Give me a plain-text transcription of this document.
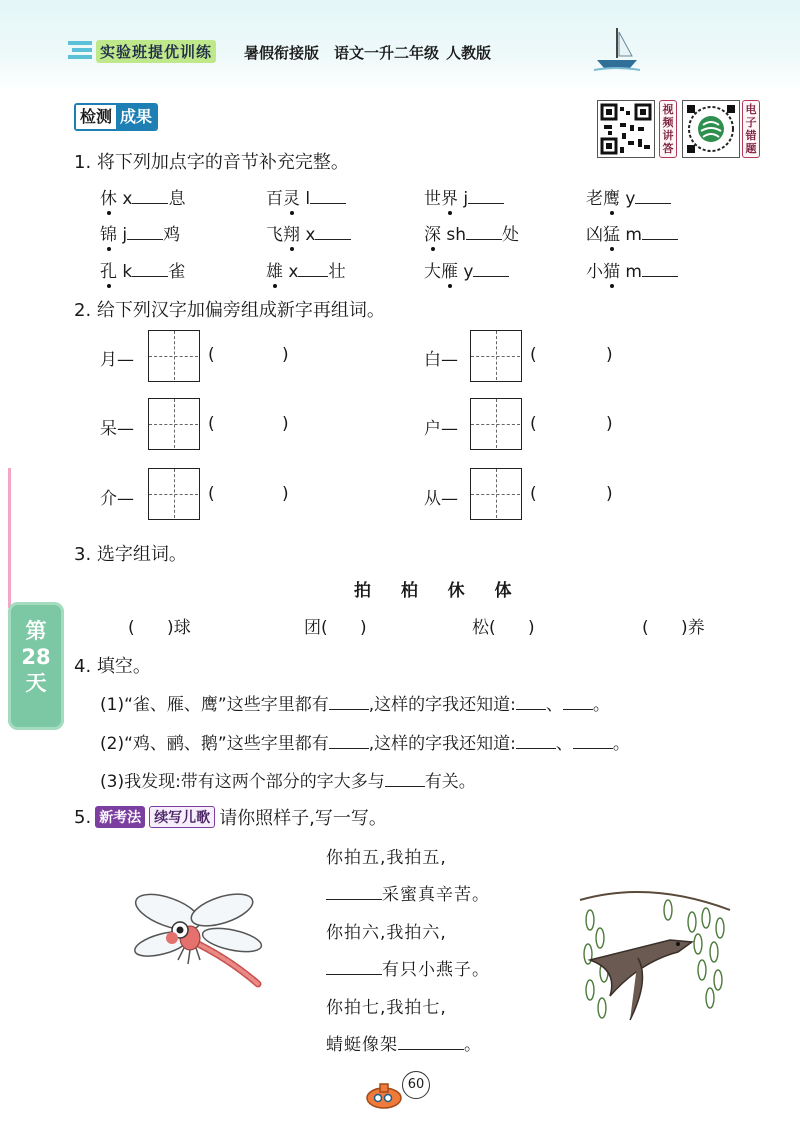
实验班提优训练 暑假衔接版 语文一升二年级 人教版
检测 成果	视
频
讲
答
电
子
错
题
1. 将下列加点字的音节补充完整。
休 x 息	百灵 l	世界 j	老鹰 y
锦 j 鸡	飞翔 x	深 sh 处	凶猛 m
孔 k 雀	雄 x 壮	大雁 y	小猫 m
2. 给下列汉字加偏旁组成新字再组词。
月—	(	)	白—	(	)
呆—	(	)	户—	(	)
介—	(	)	从—	(	)
第28天
3. 选字组词。
拍  柏  休  体
(      )球	团(      )	松(      )	(      )养
4. 填空。
(1)“雀、雁、鹰”这些字里都有 ,这样的字我还知道: 、 。
(2)“鸡、鹂、鹅”这些字里都有 ,这样的字我还知道: 、 。
(3)我发现:带有这两个部分的字大多与 有关。
5. 新考法 续写儿歌 请你照样子,写一写。
你拍五,我拍五,
采蜜真辛苦。
你拍六,我拍六,
有只小燕子。
你拍七,我拍七,
蜻蜓像架	。
60
